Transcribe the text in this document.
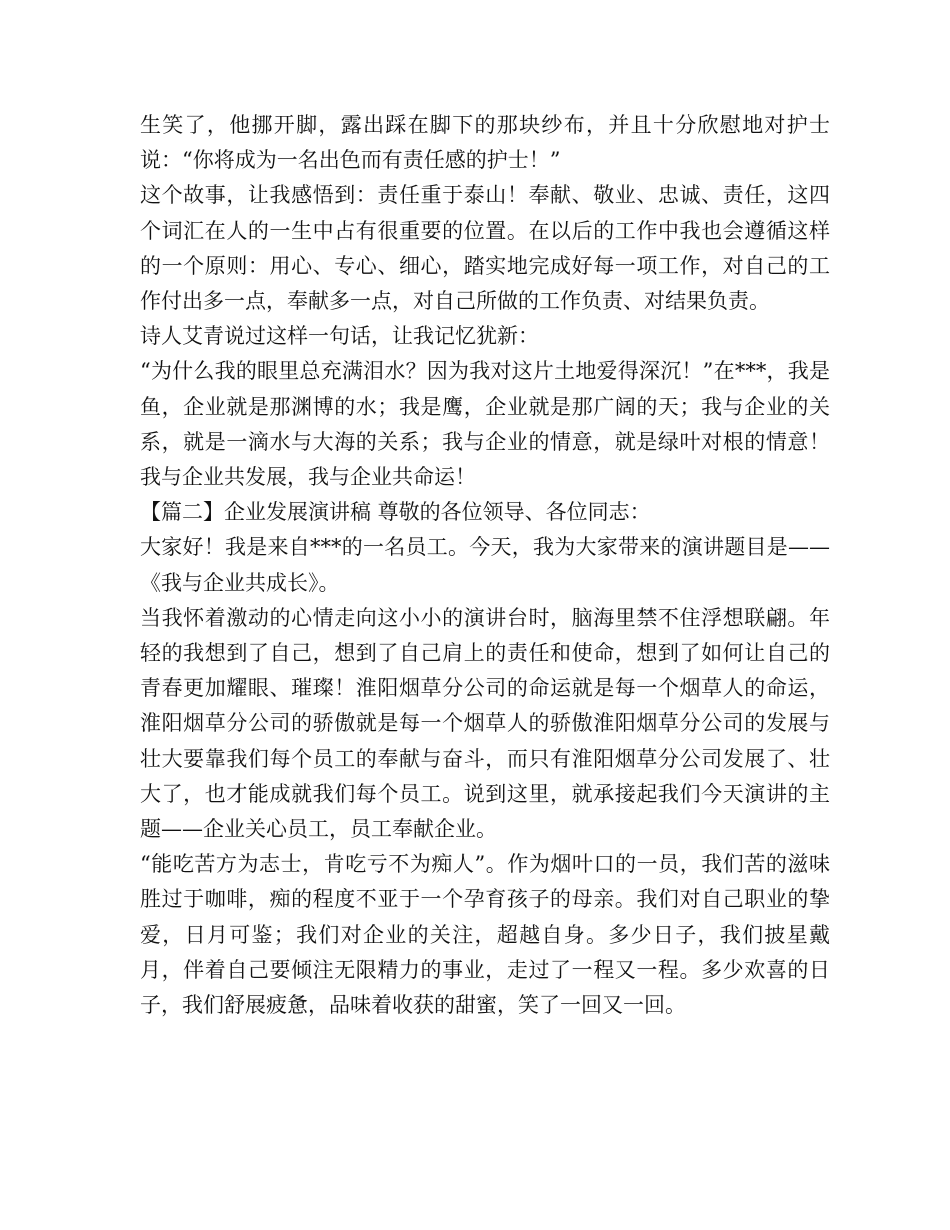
生笑了，他挪开脚，露出踩在脚下的那块纱布，并且十分欣慰地对护士说：“你将成为一名出色而有责任感的护士！”

这个故事，让我感悟到：责任重于泰山！奉献、敬业、忠诚、责任，这四个词汇在人的一生中占有很重要的位置。在以后的工作中我也会遵循这样的一个原则：用心、专心、细心，踏实地完成好每一项工作，对自己的工作付出多一点，奉献多一点，对自己所做的工作负责、对结果负责。

诗人艾青说过这样一句话，让我记忆犹新：

“为什么我的眼里总充满泪水？因为我对这片土地爱得深沉！”在***，我是鱼，企业就是那渊博的水；我是鹰，企业就是那广阔的天；我与企业的关系，就是一滴水与大海的关系；我与企业的情意，就是绿叶对根的情意！我与企业共发展，我与企业共命运！

【篇二】企业发展演讲稿 尊敬的各位领导、各位同志：

大家好！我是来自***的一名员工。今天，我为大家带来的演讲题目是——《我与企业共成长》。

当我怀着激动的心情走向这小小的演讲台时，脑海里禁不住浮想联翩。年轻的我想到了自己，想到了自己肩上的责任和使命，想到了如何让自己的青春更加耀眼、璀璨！淮阳烟草分公司的命运就是每一个烟草人的命运，淮阳烟草分公司的骄傲就是每一个烟草人的骄傲淮阳烟草分公司的发展与壮大要靠我们每个员工的奉献与奋斗，而只有淮阳烟草分公司发展了、壮大了，也才能成就我们每个员工。说到这里，就承接起我们今天演讲的主题——企业关心员工，员工奉献企业。

“能吃苦方为志士，肯吃亏不为痴人”。作为烟叶口的一员，我们苦的滋味胜过于咖啡，痴的程度不亚于一个孕育孩子的母亲。我们对自己职业的挚爱，日月可鉴；我们对企业的关注，超越自身。多少日子，我们披星戴月，伴着自己要倾注无限精力的事业，走过了一程又一程。多少欢喜的日子，我们舒展疲惫，品味着收获的甜蜜，笑了一回又一回。
